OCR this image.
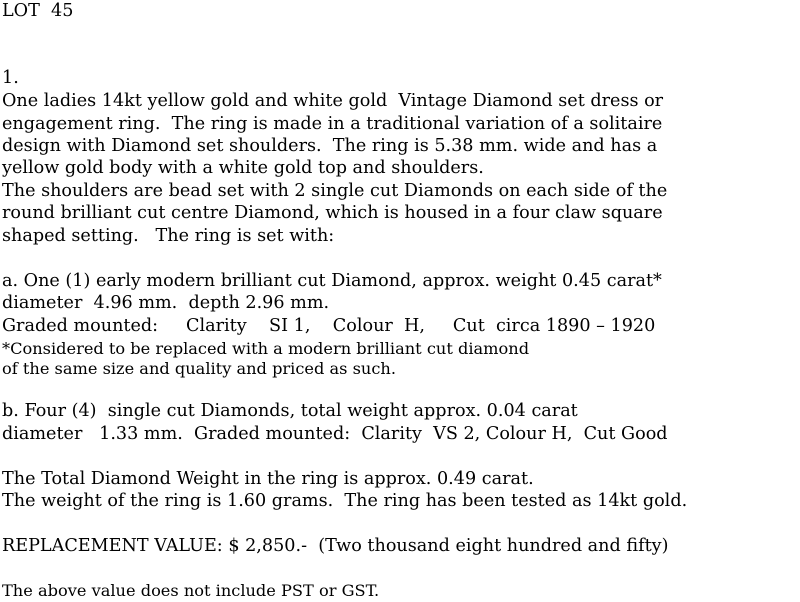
LOT  45
1.
One ladies 14kt yellow gold and white gold  Vintage Diamond set dress or
engagement ring.  The ring is made in a traditional variation of a solitaire
design with Diamond set shoulders.  The ring is 5.38 mm. wide and has a
yellow gold body with a white gold top and shoulders.
The shoulders are bead set with 2 single cut Diamonds on each side of the
round brilliant cut centre Diamond, which is housed in a four claw square
shaped setting.   The ring is set with:
a. One (1) early modern brilliant cut Diamond, approx. weight 0.45 carat*
diameter  4.96 mm.  depth 2.96 mm.
Graded mounted:     Clarity    SI 1,    Colour  H,     Cut  circa 1890 – 1920
*Considered to be replaced with a modern brilliant cut diamond
of the same size and quality and priced as such.
b. Four (4)  single cut Diamonds, total weight approx. 0.04 carat
diameter   1.33 mm.  Graded mounted:  Clarity  VS 2, Colour H,  Cut Good
The Total Diamond Weight in the ring is approx. 0.49 carat.
The weight of the ring is 1.60 grams.  The ring has been tested as 14kt gold.
REPLACEMENT VALUE: $ 2,850.-  (Two thousand eight hundred and fifty)
The above value does not include PST or GST.
